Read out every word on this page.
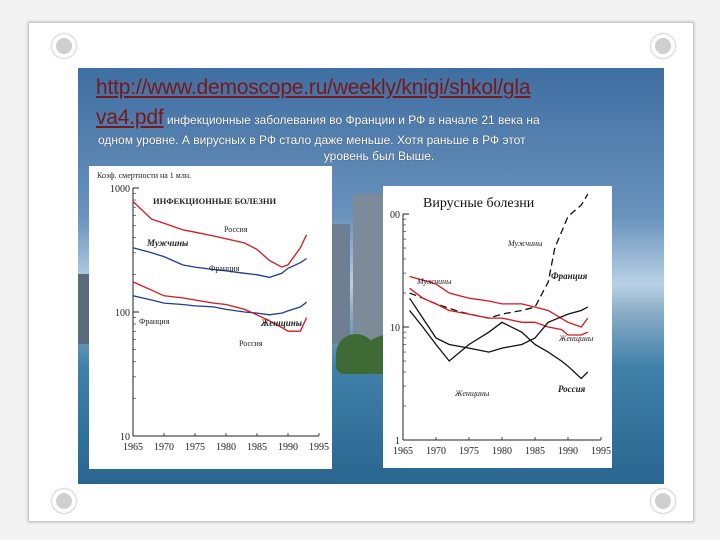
http://www.demoscope.ru/weekly/knigi/shkol/gla
va4.pdf инфекционные заболевания во Франции и РФ в начале 21 века на
одном уровне. А вирусных в РФ стало даже меньше. Хотя раньше в РФ этот
уровень был Выше.
1965 1970 1975 1980 1985 1990 1995
10
100
1000
Россия
Мужчины
Франция
Франция	Женщины
Россия
Коэф. смертности на 1 млн.
ИНФЕКЦИОННЫЕ БОЛЕЗНИ
1965 1970 1975 1980 1985 1990 1995
1
10
00
Мужчины
Мужчины
Франция
Женщины
Женщины	Россия
Вирусные болезни
